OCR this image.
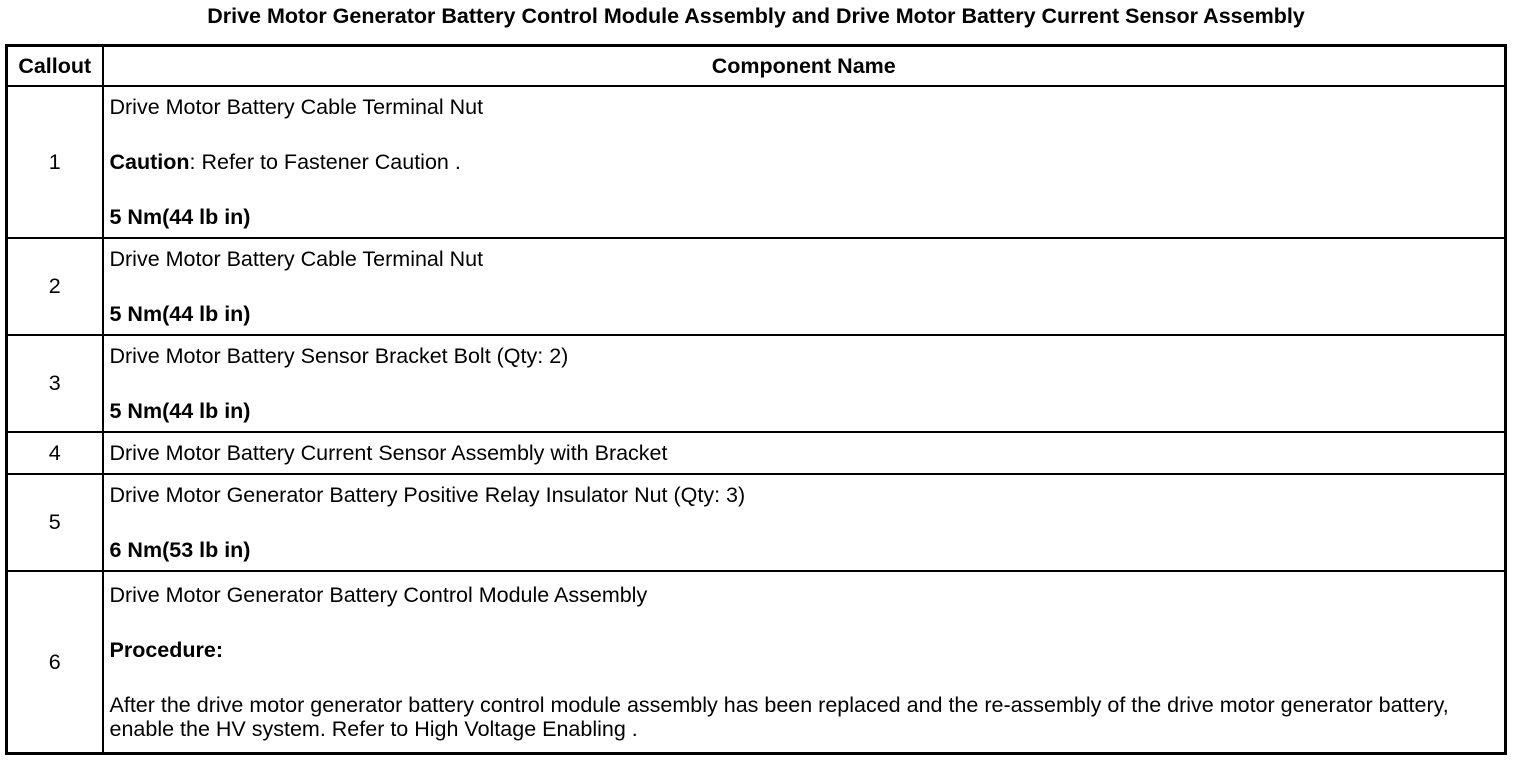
Drive Motor Generator Battery Control Module Assembly and Drive Motor Battery Current Sensor Assembly
Callout	Component Name
1	Drive Motor Battery Cable Terminal Nut
Caution: Refer to Fastener Caution .
5 Nm(44 lb in)

2	Drive Motor Battery Cable Terminal Nut
5 Nm(44 lb in)

3	Drive Motor Battery Sensor Bracket Bolt (Qty: 2)
5 Nm(44 lb in)

4	Drive Motor Battery Current Sensor Assembly with Bracket

5	Drive Motor Generator Battery Positive Relay Insulator Nut (Qty: 3)
6 Nm(53 lb in)

6	Drive Motor Generator Battery Control Module Assembly
Procedure:
After the drive motor generator battery control module assembly has been replaced and the re-assembly of the drive motor generator battery, enable the HV system. Refer to High Voltage Enabling .
